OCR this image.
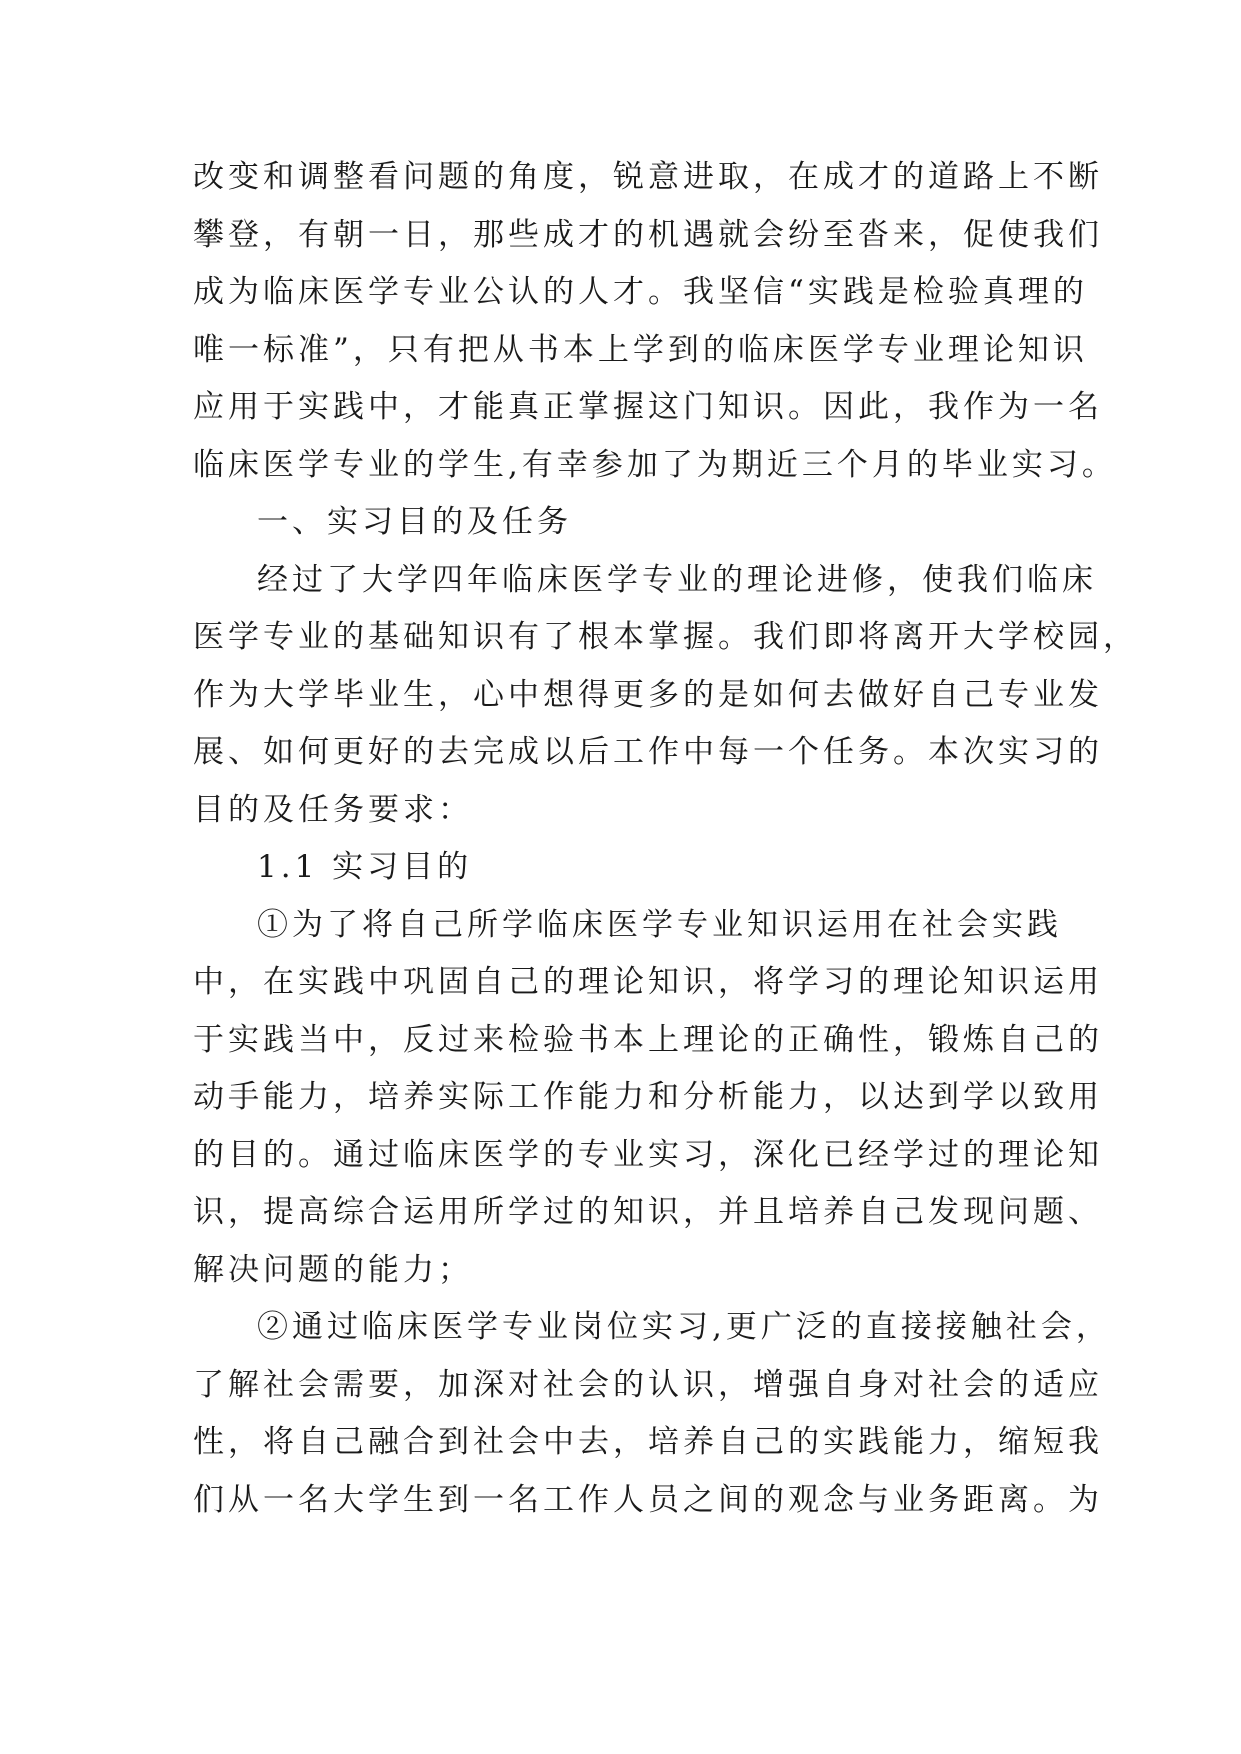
改变和调整看问题的角度，锐意进取，在成才的道路上不断
攀登，有朝一日，那些成才的机遇就会纷至沓来，促使我们
成为临床医学专业公认的人才。我坚信“实践是检验真理的
唯一标准”，只有把从书本上学到的临床医学专业理论知识
应用于实践中，才能真正掌握这门知识。因此，我作为一名
临床医学专业的学生,有幸参加了为期近三个月的毕业实习。
一、实习目的及任务
经过了大学四年临床医学专业的理论进修，使我们临床
医学专业的基础知识有了根本掌握。我们即将离开大学校园，
作为大学毕业生，心中想得更多的是如何去做好自己专业发
展、如何更好的去完成以后工作中每一个任务。本次实习的
目的及任务要求：
1.1 实习目的
①为了将自己所学临床医学专业知识运用在社会实践
中，在实践中巩固自己的理论知识，将学习的理论知识运用
于实践当中，反过来检验书本上理论的正确性，锻炼自己的
动手能力，培养实际工作能力和分析能力，以达到学以致用
的目的。通过临床医学的专业实习，深化已经学过的理论知
识，提高综合运用所学过的知识，并且培养自己发现问题、
解决问题的能力；
②通过临床医学专业岗位实习,更广泛的直接接触社会，
了解社会需要，加深对社会的认识，增强自身对社会的适应
性，将自己融合到社会中去，培养自己的实践能力，缩短我
们从一名大学生到一名工作人员之间的观念与业务距离。为
